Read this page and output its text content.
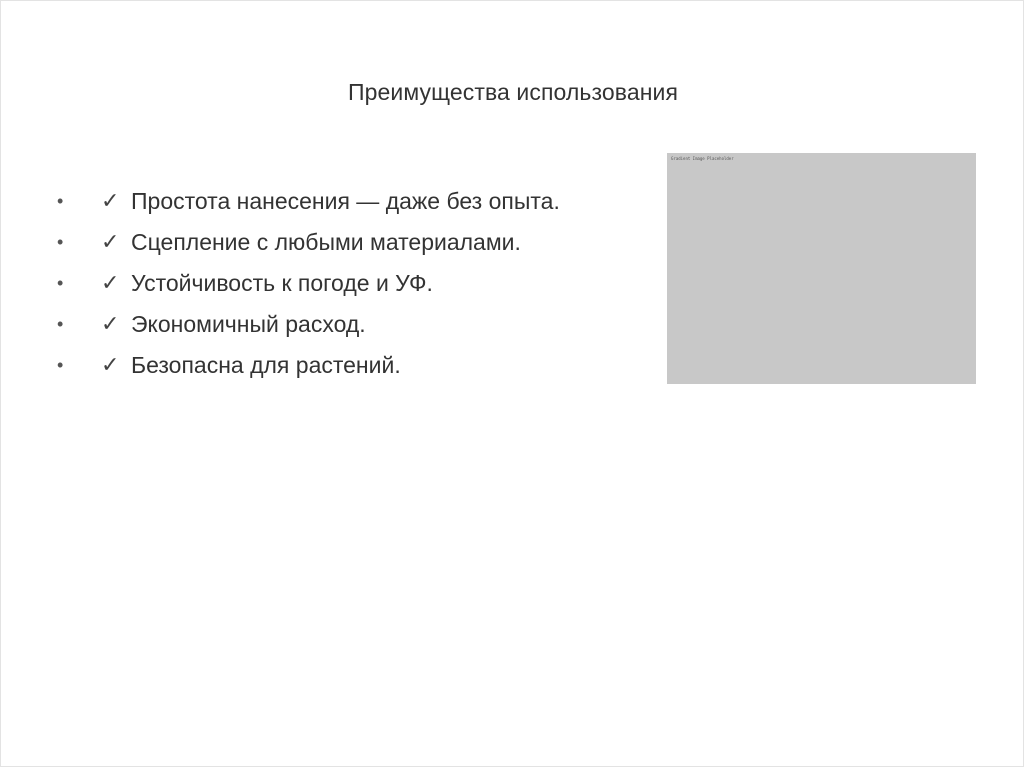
Преимущества использования
• ✓ Простота нанесения — даже без опыта.
• ✓ Сцепление с любыми материалами.
• ✓ Устойчивость к погоде и УФ.
• ✓ Экономичный расход.
• ✓ Безопасна для растений.
Gradient Image Placeholder
